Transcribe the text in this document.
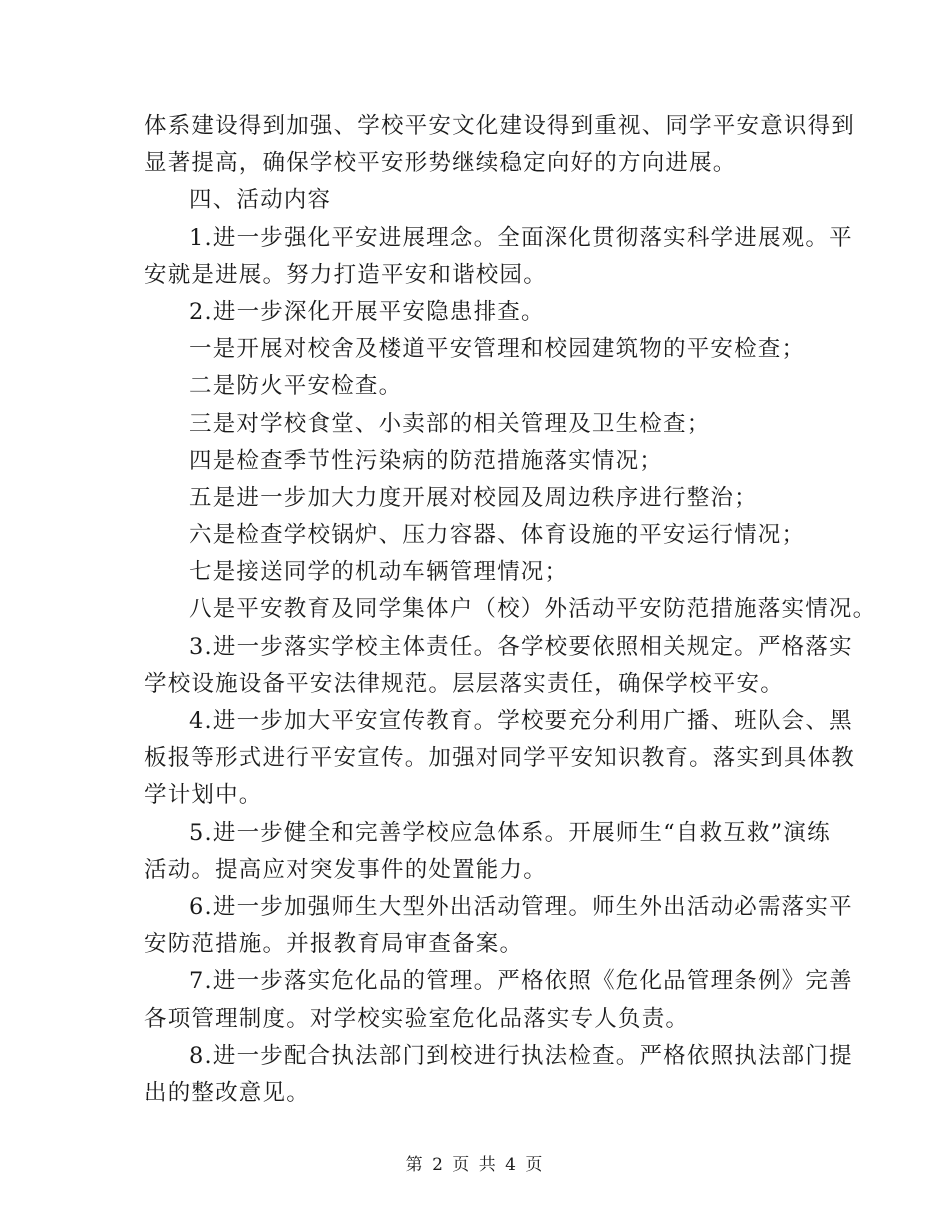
体系建设得到加强、学校平安文化建设得到重视、同学平安意识得到
显著提高，确保学校平安形势继续稳定向好的方向进展。
四、活动内容
1.进一步强化平安进展理念。全面深化贯彻落实科学进展观。平
安就是进展。努力打造平安和谐校园。
2.进一步深化开展平安隐患排查。
一是开展对校舍及楼道平安管理和校园建筑物的平安检查；
二是防火平安检查。
三是对学校食堂、小卖部的相关管理及卫生检查；
四是检查季节性污染病的防范措施落实情况；
五是进一步加大力度开展对校园及周边秩序进行整治；
六是检查学校锅炉、压力容器、体育设施的平安运行情况；
七是接送同学的机动车辆管理情况；
八是平安教育及同学集体户（校）外活动平安防范措施落实情况。
3.进一步落实学校主体责任。各学校要依照相关规定。严格落实
学校设施设备平安法律规范。层层落实责任，确保学校平安。
4.进一步加大平安宣传教育。学校要充分利用广播、班队会、黑
板报等形式进行平安宣传。加强对同学平安知识教育。落实到具体教
学计划中。
5.进一步健全和完善学校应急体系。开展师生“自救互救”演练
活动。提高应对突发事件的处置能力。
6.进一步加强师生大型外出活动管理。师生外出活动必需落实平
安防范措施。并报教育局审查备案。
7.进一步落实危化品的管理。严格依照《危化品管理条例》完善
各项管理制度。对学校实验室危化品落实专人负责。
8.进一步配合执法部门到校进行执法检查。严格依照执法部门提
出的整改意见。
第 2 页 共 4 页
